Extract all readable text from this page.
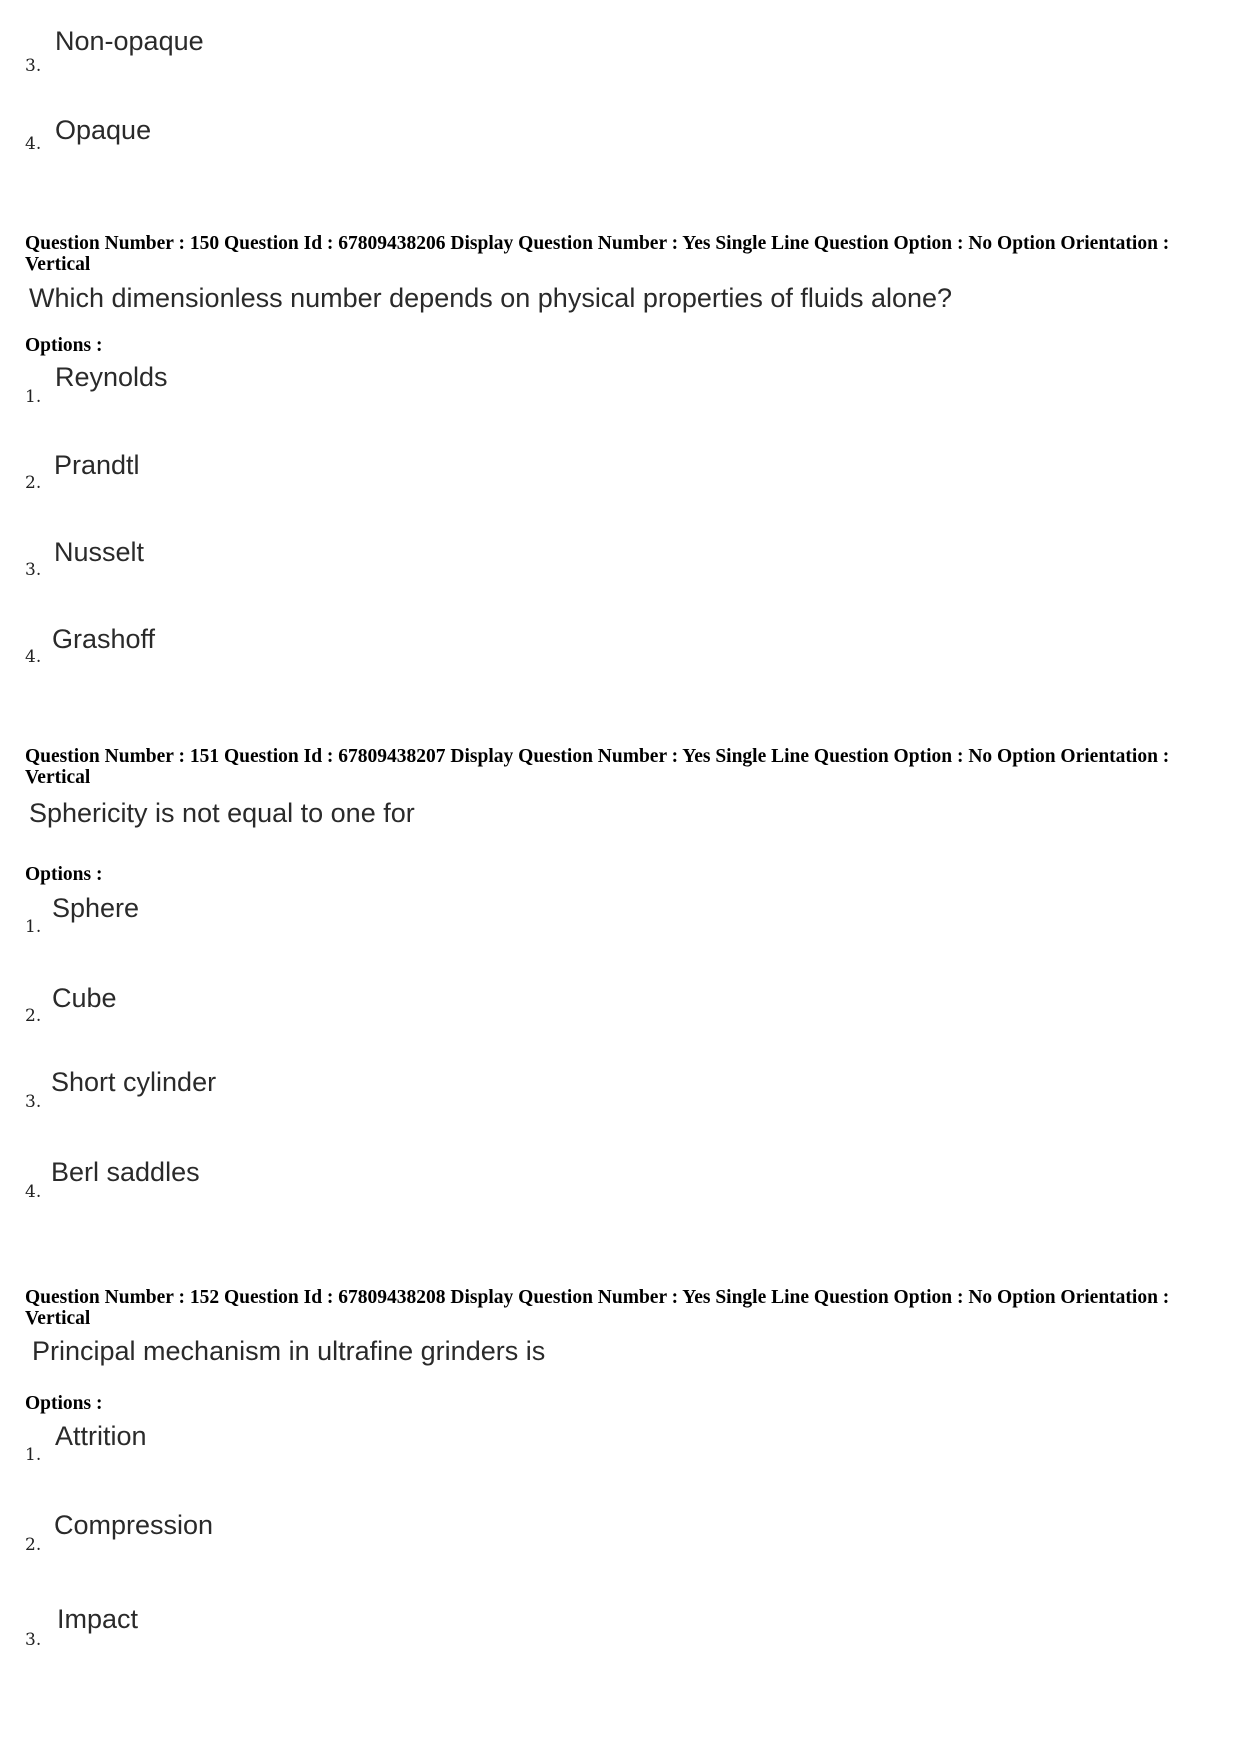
3.
Non-opaque
4. Opaque
Question Number : 150 Question Id : 67809438206 Display Question Number : Yes Single Line Question Option : No Option Orientation : Vertical
Which dimensionless number depends on physical properties of fluids alone?
Options :
1.
Reynolds
2.
Prandtl
3.
Nusselt
4.
Grashoff
Question Number : 151 Question Id : 67809438207 Display Question Number : Yes Single Line Question Option : No Option Orientation : Vertical
Sphericity is not equal to one for
Options :
1.
Sphere
2.
Cube
3.
Short cylinder
4.
Berl saddles
Question Number : 152 Question Id : 67809438208 Display Question Number : Yes Single Line Question Option : No Option Orientation : Vertical
Principal mechanism in ultrafine grinders is
Options :
1.
Attrition
2.
Compression
3.
Impact
